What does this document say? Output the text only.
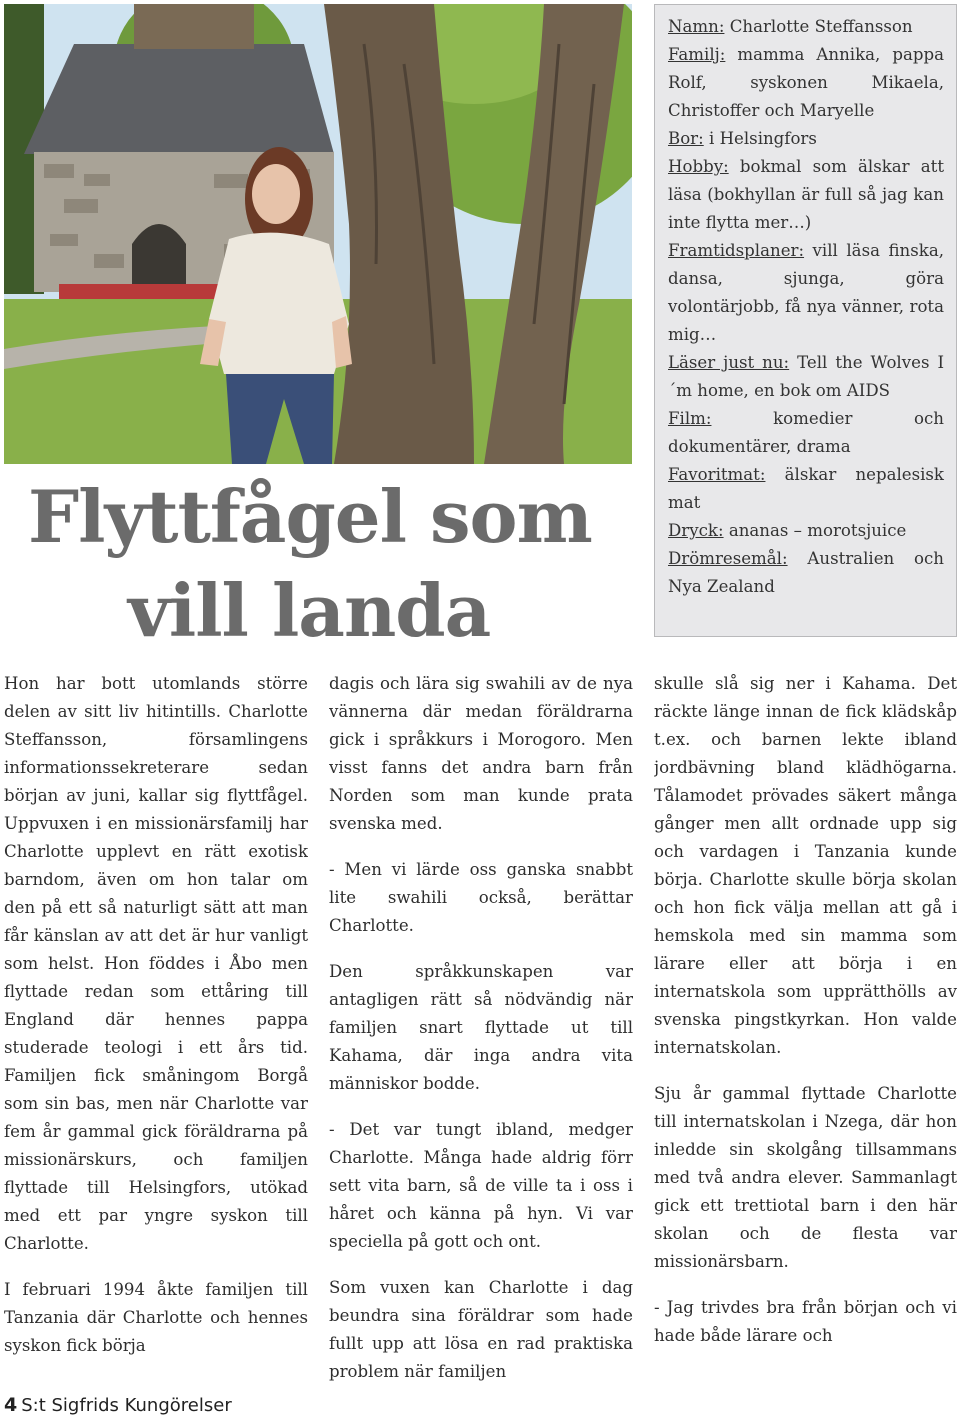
Flyttfågel som
vill landa
Namn: Charlotte Steffansson
Familj: mamma Annika, pappa Rolf, syskonen Mikaela, Christoffer och Maryelle
Bor: i Helsingfors
Hobby: bokmal som älskar att läsa (bokhyllan är full så jag kan inte flytta mer…)
Framtidsplaner: vill läsa finska, dansa, sjunga, göra volontärjobb, få nya vänner, rota mig…
Läser just nu: Tell the Wolves I´m home, en bok om AIDS
Film: komedier och dokumentärer, drama
Favoritmat: älskar nepalesisk mat
Dryck: ananas – morotsjuice
Drömresemål: Australien och Nya Zealand

Hon har bott utomlands större delen av sitt liv hitintills. Charlotte Steffansson, församlingens informationssekreterare sedan början av juni, kallar sig flyttfågel. Uppvuxen i en missionärsfamilj har Charlotte upplevt en rätt exotisk barndom, även om hon talar om den på ett så naturligt sätt att man får känslan av att det är hur vanligt som helst. Hon föddes i Åbo men flyttade redan som ettåring till England där hennes pappa studerade teologi i ett års tid. Familjen fick småningom Borgå som sin bas, men när Charlotte var fem år gammal gick föräldrarna på missionärskurs, och familjen flyttade till Helsingfors, utökad med ett par yngre syskon till Charlotte.

I februari 1994 åkte familjen till Tanzania där Charlotte och hennes syskon fick börja

dagis och lära sig swahili av de nya vännerna där medan föräldrarna gick i språkkurs i Morogoro. Men visst fanns det andra barn från Norden som man kunde prata svenska med.

- Men vi lärde oss ganska snabbt lite swahili också, berättar Charlotte.

Den språkkunskapen var antagligen rätt så nödvändig när familjen snart flyttade ut till Kahama, där inga andra vita människor bodde.

- Det var tungt ibland, medger Charlotte. Många hade aldrig förr sett vita barn, så de ville ta i oss i håret och känna på hyn. Vi var speciella på gott och ont.

Som vuxen kan Charlotte i dag beundra sina föräldrar som hade fullt upp att lösa en rad praktiska problem när familjen

skulle slå sig ner i Kahama. Det räckte länge innan de fick klädskåp t.ex. och barnen lekte ibland jordbävning bland klädhögarna. Tålamodet prövades säkert många gånger men allt ordnade upp sig och vardagen i Tanzania kunde börja. Charlotte skulle börja skolan och hon fick välja mellan att gå i hemskola med sin mamma som lärare eller att börja i en internatskola som upprätthölls av svenska pingstkyrkan. Hon valde internatskolan.

Sju år gammal flyttade Charlotte till internatskolan i Nzega, där hon inledde sin skolgång tillsammans med två andra elever. Sammanlagt gick ett trettiotal barn i den här skolan och de flesta var missionärsbarn.

- Jag trivdes bra från början och vi hade både lärare och

4 S:t Sigfrids Kungörelser
